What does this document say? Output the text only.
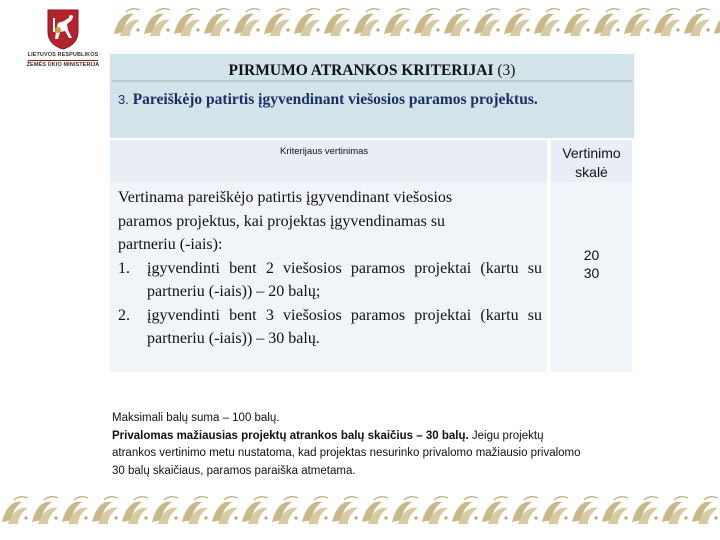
LIETUVOS RESPUBLIKOS
ŽEMĖS ŪKIO MINISTERIJA	PIRMUMO ATRANKOS KRITERIJAI (3)
3. Pareiškėjo patirtis įgyvendinant viešosios paramos projektus.
Kriterijaus vertinimas	Vertinimo
skalė
Vertinama pareiškėjo patirtis įgyvendinant viešosios
paramos projektus, kai projektas įgyvendinamas su
partneriu (-iais):
1. įgyvendinti bent 2 viešosios paramos projektai (kartu su partneriu (-iais)) – 20 balų;
2. įgyvendinti bent 3 viešosios paramos projektai (kartu su partneriu (-iais)) – 30 balų.
20
30
Maksimali balų suma – 100 balų.
Privalomas mažiausias projektų atrankos balų skaičius – 30 balų. Jeigu projektų
atrankos vertinimo metu nustatoma, kad projektas nesurinko privalomo mažiausio privalomo
30 balų skaičiaus, paramos paraiška atmetama.
